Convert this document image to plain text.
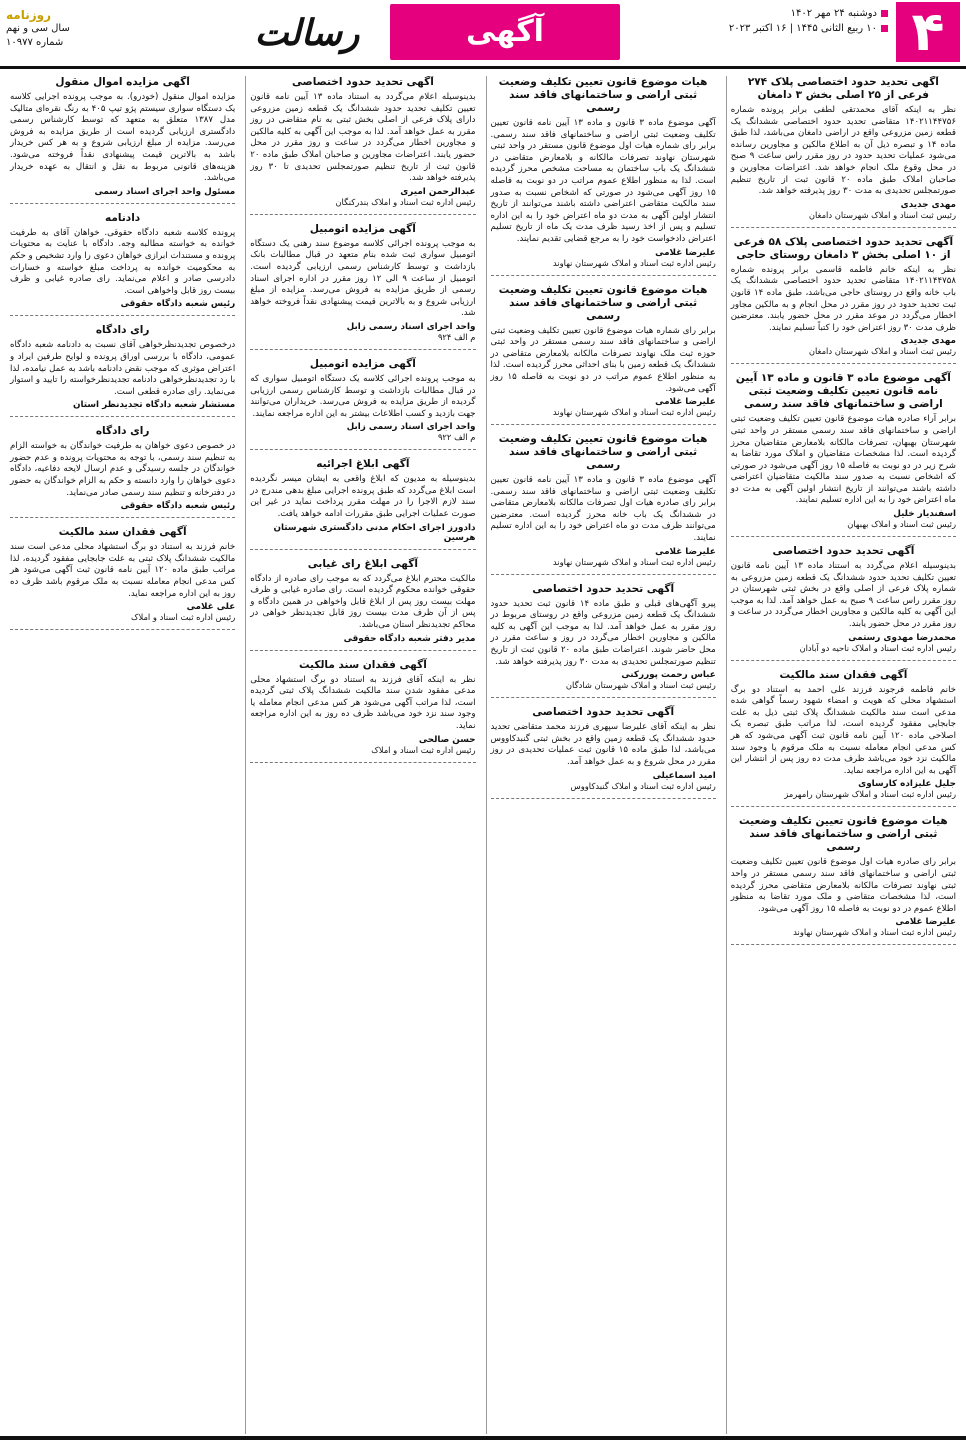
۴
دوشنبه ۲۴ مهر ۱۴۰۲
۱۰ ربیع الثانی ۱۴۴۵ | ۱۶ اکتبر ۲۰۲۳
آگهی
رسالت
روزنامه
سال سی و نهم
شماره ۱۰۹۷۷
آگهی تحدید حدود اختصاصی پلاک ۲۷۴ فرعی از ۲۵ اصلی بخش ۳ دامغان

نظر به اینکه آقای محمدتقی لطفی برابر پرونده شماره ۱۴۰۲۱۱۴۴۷۵۶ متقاضی تحدید حدود اختصاصی ششدانگ یک قطعه زمین مزروعی واقع در اراضی دامغان می‌باشد، لذا طبق ماده ۱۴ و تبصره ذیل آن به اطلاع مالکین و مجاورین رسانده می‌شود عملیات تحدید حدود در روز مقرر راس ساعت ۹ صبح در محل وقوع ملک انجام خواهد شد. اعتراضات مجاورین و صاحبان املاک طبق ماده ۲۰ قانون ثبت از تاریخ تنظیم صورتمجلس تحدیدی به مدت ۳۰ روز پذیرفته خواهد شد.

مهدی جدیدی
رئیس ثبت اسناد و املاک شهرستان دامغان
آگهی تحدید حدود اختصاصی پلاک ۵۸ فرعی از ۱۰ اصلی بخش ۳ دامغان روستای حاجی

نظر به اینکه خانم فاطمه قاسمی برابر پرونده شماره ۱۴۰۲۱۱۴۴۷۵۸ متقاضی تحدید حدود اختصاصی ششدانگ یک باب خانه واقع در روستای حاجی می‌باشد، طبق ماده ۱۴ قانون ثبت تحدید حدود در روز مقرر در محل انجام و به مالکین مجاور اخطار می‌گردد در موعد مقرر در محل حضور یابند. معترضین ظرف مدت ۳۰ روز اعتراض خود را کتباً تسلیم نمایند.

مهدی جدیدی
رئیس ثبت اسناد و املاک شهرستان دامغان
آگهی موضوع ماده ۳ قانون و ماده ۱۳ آیین نامه قانون تعیین تکلیف وضعیت ثبتی اراضی و ساختمانهای فاقد سند رسمی

برابر آراء صادره هیات موضوع قانون تعیین تکلیف وضعیت ثبتی اراضی و ساختمانهای فاقد سند رسمی مستقر در واحد ثبتی شهرستان بهبهان، تصرفات مالکانه بلامعارض متقاضیان محرز گردیده است. لذا مشخصات متقاضیان و املاک مورد تقاضا به شرح زیر در دو نوبت به فاصله ۱۵ روز آگهی می‌شود در صورتی که اشخاص نسبت به صدور سند مالکیت متقاضیان اعتراضی داشته باشند می‌توانند از تاریخ انتشار اولین آگهی به مدت دو ماه اعتراض خود را به این اداره تسلیم نمایند.

اسفندیار خلیل
رئیس ثبت اسناد و املاک بهبهان
آگهی تحدید حدود اختصاصی

بدینوسیله اعلام می‌گردد به استناد ماده ۱۳ آیین نامه قانون تعیین تکلیف تحدید حدود ششدانگ یک قطعه زمین مزروعی به شماره پلاک فرعی از اصلی واقع در بخش ثبتی شهرستان در روز مقرر راس ساعت ۹ صبح به عمل خواهد آمد. لذا به موجب این آگهی به کلیه مالکین و مجاورین اخطار می‌گردد در ساعت و روز مقرر در محل حضور یابند.

محمدرضا مهدوی رستمی
رئیس اداره ثبت اسناد و املاک ناحیه دو آبادان
آگهی فقدان سند مالکیت

خانم فاطمه فرجوند فرزند علی احمد به استناد دو برگ استشهاد محلی که هویت و امضاء شهود رسماً گواهی شده مدعی است سند مالکیت ششدانگ پلاک ثبتی ذیل به علت جابجایی مفقود گردیده است، لذا مراتب طبق تبصره یک اصلاحی ماده ۱۲۰ آیین نامه قانون ثبت آگهی می‌شود که هر کس مدعی انجام معامله نسبت به ملک مرقوم یا وجود سند مالکیت نزد خود می‌باشد ظرف مدت ده روز پس از انتشار این آگهی به این اداره مراجعه نماید.

جلیل علیزاده کارساوی
رئیس اداره ثبت اسناد و املاک شهرستان رامهرمز
هیات موضوع قانون تعیین تکلیف وضعیت ثبتی اراضی و ساختمانهای فاقد سند رسمی

برابر رای صادره هیات اول موضوع قانون تعیین تکلیف وضعیت ثبتی اراضی و ساختمانهای فاقد سند رسمی مستقر در واحد ثبتی نهاوند تصرفات مالکانه بلامعارض متقاضی محرز گردیده است، لذا مشخصات متقاضی و ملک مورد تقاضا به منظور اطلاع عموم در دو نوبت به فاصله ۱۵ روز آگهی می‌شود.

علیرضا غلامی
رئیس اداره ثبت اسناد و املاک شهرستان نهاوند
هیات موضوع قانون تعیین تکلیف وضعیت ثبتی اراضی و ساختمانهای فاقد سند رسمی

آگهی موضوع ماده ۳ قانون و ماده ۱۳ آیین نامه قانون تعیین تکلیف وضعیت ثبتی اراضی و ساختمانهای فاقد سند رسمی. برابر رای شماره هیات اول موضوع قانون مستقر در واحد ثبتی شهرستان نهاوند تصرفات مالکانه و بلامعارض متقاضی در ششدانگ یک باب ساختمان به مساحت مشخص محرز گردیده است. لذا به منظور اطلاع عموم مراتب در دو نوبت به فاصله ۱۵ روز آگهی می‌شود در صورتی که اشخاص نسبت به صدور سند مالکیت متقاضی اعتراضی داشته باشند می‌توانند از تاریخ انتشار اولین آگهی به مدت دو ماه اعتراض خود را به این اداره تسلیم و پس از اخذ رسید ظرف مدت یک ماه از تاریخ تسلیم اعتراض دادخواست خود را به مرجع قضایی تقدیم نمایند.

علیرضا غلامی
رئیس اداره ثبت اسناد و املاک شهرستان نهاوند
هیات موضوع قانون تعیین تکلیف وضعیت ثبتی اراضی و ساختمانهای فاقد سند رسمی

برابر رای شماره هیات موضوع قانون تعیین تکلیف وضعیت ثبتی اراضی و ساختمانهای فاقد سند رسمی مستقر در واحد ثبتی حوزه ثبت ملک نهاوند تصرفات مالکانه بلامعارض متقاضی در ششدانگ یک قطعه زمین با بنای احداثی محرز گردیده است. لذا به منظور اطلاع عموم مراتب در دو نوبت به فاصله ۱۵ روز آگهی می‌شود.

علیرضا غلامی
رئیس اداره ثبت اسناد و املاک شهرستان نهاوند
هیات موضوع قانون تعیین تکلیف وضعیت ثبتی اراضی و ساختمانهای فاقد سند رسمی

آگهی موضوع ماده ۳ قانون و ماده ۱۳ آیین نامه قانون تعیین تکلیف وضعیت ثبتی اراضی و ساختمانهای فاقد سند رسمی. برابر رای صادره هیات اول تصرفات مالکانه بلامعارض متقاضی در ششدانگ یک باب خانه محرز گردیده است. معترضین می‌توانند ظرف مدت دو ماه اعتراض خود را به این اداره تسلیم نمایند.

علیرضا غلامی
رئیس اداره ثبت اسناد و املاک شهرستان نهاوند
آگهی تحدید حدود اختصاصی

پیرو آگهی‌های قبلی و طبق ماده ۱۴ قانون ثبت تحدید حدود ششدانگ یک قطعه زمین مزروعی واقع در روستای مربوط در روز مقرر به عمل خواهد آمد. لذا به موجب این آگهی به کلیه مالکین و مجاورین اخطار می‌گردد در روز و ساعت مقرر در محل حاضر شوند. اعتراضات طبق ماده ۲۰ قانون ثبت از تاریخ تنظیم صورتمجلس تحدیدی به مدت ۳۰ روز پذیرفته خواهد شد.

عباس رحمت پوررکنی
رئیس ثبت اسناد و املاک شهرستان شادگان
آگهی تحدید حدود اختصاصی

نظر به اینکه آقای علیرضا سپهری فرزند محمد متقاضی تحدید حدود ششدانگ یک قطعه زمین واقع در بخش ثبتی گنبدکاووس می‌باشد، لذا طبق ماده ۱۵ قانون ثبت عملیات تحدیدی در روز مقرر در محل شروع و به عمل خواهد آمد.

امید اسماعیلی
رئیس اداره ثبت اسناد و املاک گنبدکاووس
آگهی تحدید حدود اختصاصی

بدینوسیله اعلام می‌گردد به استناد ماده ۱۳ آیین نامه قانون تعیین تکلیف تحدید حدود ششدانگ یک قطعه زمین مزروعی دارای پلاک فرعی از اصلی بخش ثبتی به نام متقاضی در روز مقرر به عمل خواهد آمد. لذا به موجب این آگهی به کلیه مالکین و مجاورین اخطار می‌گردد در ساعت و روز مقرر در محل حضور یابند. اعتراضات مجاورین و صاحبان املاک طبق ماده ۲۰ قانون ثبت از تاریخ تنظیم صورتمجلس تحدیدی تا ۳۰ روز پذیرفته خواهد شد.

عبدالرحمن امیری
رئیس اداره ثبت اسناد و املاک بندرکنگان
آگهی مزایده اتومبیل

به موجب پرونده اجرائی کلاسه موضوع سند رهنی یک دستگاه اتومبیل سواری ثبت شده بنام متعهد در قبال مطالبات بانک بازداشت و توسط کارشناس رسمی ارزیابی گردیده است. اتومبیل از ساعت ۹ الی ۱۲ روز مقرر در اداره اجرای اسناد رسمی از طریق مزایده به فروش می‌رسد. مزایده از مبلغ ارزیابی شروع و به بالاترین قیمت پیشنهادی نقداً فروخته خواهد شد.

واحد اجرای اسناد رسمی زابل
م الف ۹۲۴
آگهی مزایده اتومبیل

به موجب پرونده اجرائی کلاسه یک دستگاه اتومبیل سواری که در قبال مطالبات بازداشت و توسط کارشناس رسمی ارزیابی گردیده از طریق مزایده به فروش می‌رسد. خریداران می‌توانند جهت بازدید و کسب اطلاعات بیشتر به این اداره مراجعه نمایند.

واحد اجرای اسناد رسمی زابل
م الف ۹۲۲
آگهی ابلاغ اجرائیه

بدینوسیله به مدیون که ابلاغ واقعی به ایشان میسر نگردیده است ابلاغ می‌گردد که طبق پرونده اجرایی مبلغ بدهی مندرج در سند لازم الاجرا را در مهلت مقرر پرداخت نماید در غیر این صورت عملیات اجرایی طبق مقررات ادامه خواهد یافت.

دادورز اجرای احکام مدنی دادگستری شهرستان هرسین
آگهی ابلاغ رای غیابی

مالکیت محترم ابلاغ می‌گردد که به موجب رای صادره از دادگاه حقوقی خوانده محکوم گردیده است. رای صادره غیابی و ظرف مهلت بیست روز پس از ابلاغ قابل واخواهی در همین دادگاه و پس از آن ظرف مدت بیست روز قابل تجدیدنظر خواهی در محاکم تجدیدنظر استان می‌باشد.

مدیر دفتر شعبه دادگاه حقوقی
آگهی فقدان سند مالکیت

نظر به اینکه آقای فرزند به استناد دو برگ استشهاد محلی مدعی مفقود شدن سند مالکیت ششدانگ پلاک ثبتی گردیده است، لذا مراتب آگهی می‌شود هر کس مدعی انجام معامله یا وجود سند نزد خود می‌باشد ظرف ده روز به این اداره مراجعه نماید.

حسن صالحی
رئیس اداره ثبت اسناد و املاک
آگهی مزایده اموال منقول

مزایده اموال منقول (خودرو). به موجب پرونده اجرایی کلاسه یک دستگاه سواری سیستم پژو تیپ ۴۰۵ به رنگ نقره‌ای متالیک مدل ۱۳۸۷ متعلق به متعهد که توسط کارشناس رسمی دادگستری ارزیابی گردیده است از طریق مزایده به فروش می‌رسد. مزایده از مبلغ ارزیابی شروع و به هر کس خریدار باشد به بالاترین قیمت پیشنهادی نقداً فروخته می‌شود. هزینه‌های قانونی مربوط به نقل و انتقال به عهده خریدار می‌باشد.

مسئول واحد اجرای اسناد رسمی
دادنامه

پرونده کلاسه شعبه دادگاه حقوقی. خواهان آقای به طرفیت خوانده به خواسته مطالبه وجه. دادگاه با عنایت به محتویات پرونده و مستندات ابرازی خواهان دعوی را وارد تشخیص و حکم به محکومیت خوانده به پرداخت مبلغ خواسته و خسارات دادرسی صادر و اعلام می‌نماید. رای صادره غیابی و ظرف بیست روز قابل واخواهی است.

رئیس شعبه دادگاه حقوقی
رای دادگاه

درخصوص تجدیدنظرخواهی آقای نسبت به دادنامه شعبه دادگاه عمومی، دادگاه با بررسی اوراق پرونده و لوایح طرفین ایراد و اعتراض موثری که موجب نقض دادنامه باشد به عمل نیامده، لذا با رد تجدیدنظرخواهی دادنامه تجدیدنظرخواسته را تایید و استوار می‌نماید. رای صادره قطعی است.

مستشار شعبه دادگاه تجدیدنظر استان
رای دادگاه

در خصوص دعوی خواهان به طرفیت خواندگان به خواسته الزام به تنظیم سند رسمی، با توجه به محتویات پرونده و عدم حضور خواندگان در جلسه رسیدگی و عدم ارسال لایحه دفاعیه، دادگاه دعوی خواهان را وارد دانسته و حکم به الزام خواندگان به حضور در دفترخانه و تنظیم سند رسمی صادر می‌نماید.

رئیس شعبه دادگاه حقوقی
آگهی فقدان سند مالکیت

خانم فرزند به استناد دو برگ استشهاد محلی مدعی است سند مالکیت ششدانگ پلاک ثبتی به علت جابجایی مفقود گردیده، لذا مراتب طبق ماده ۱۲۰ آیین نامه قانون ثبت آگهی می‌شود هر کس مدعی انجام معامله نسبت به ملک مرقوم باشد ظرف ده روز به این اداره مراجعه نماید.

علی غلامی
رئیس اداره ثبت اسناد و املاک
